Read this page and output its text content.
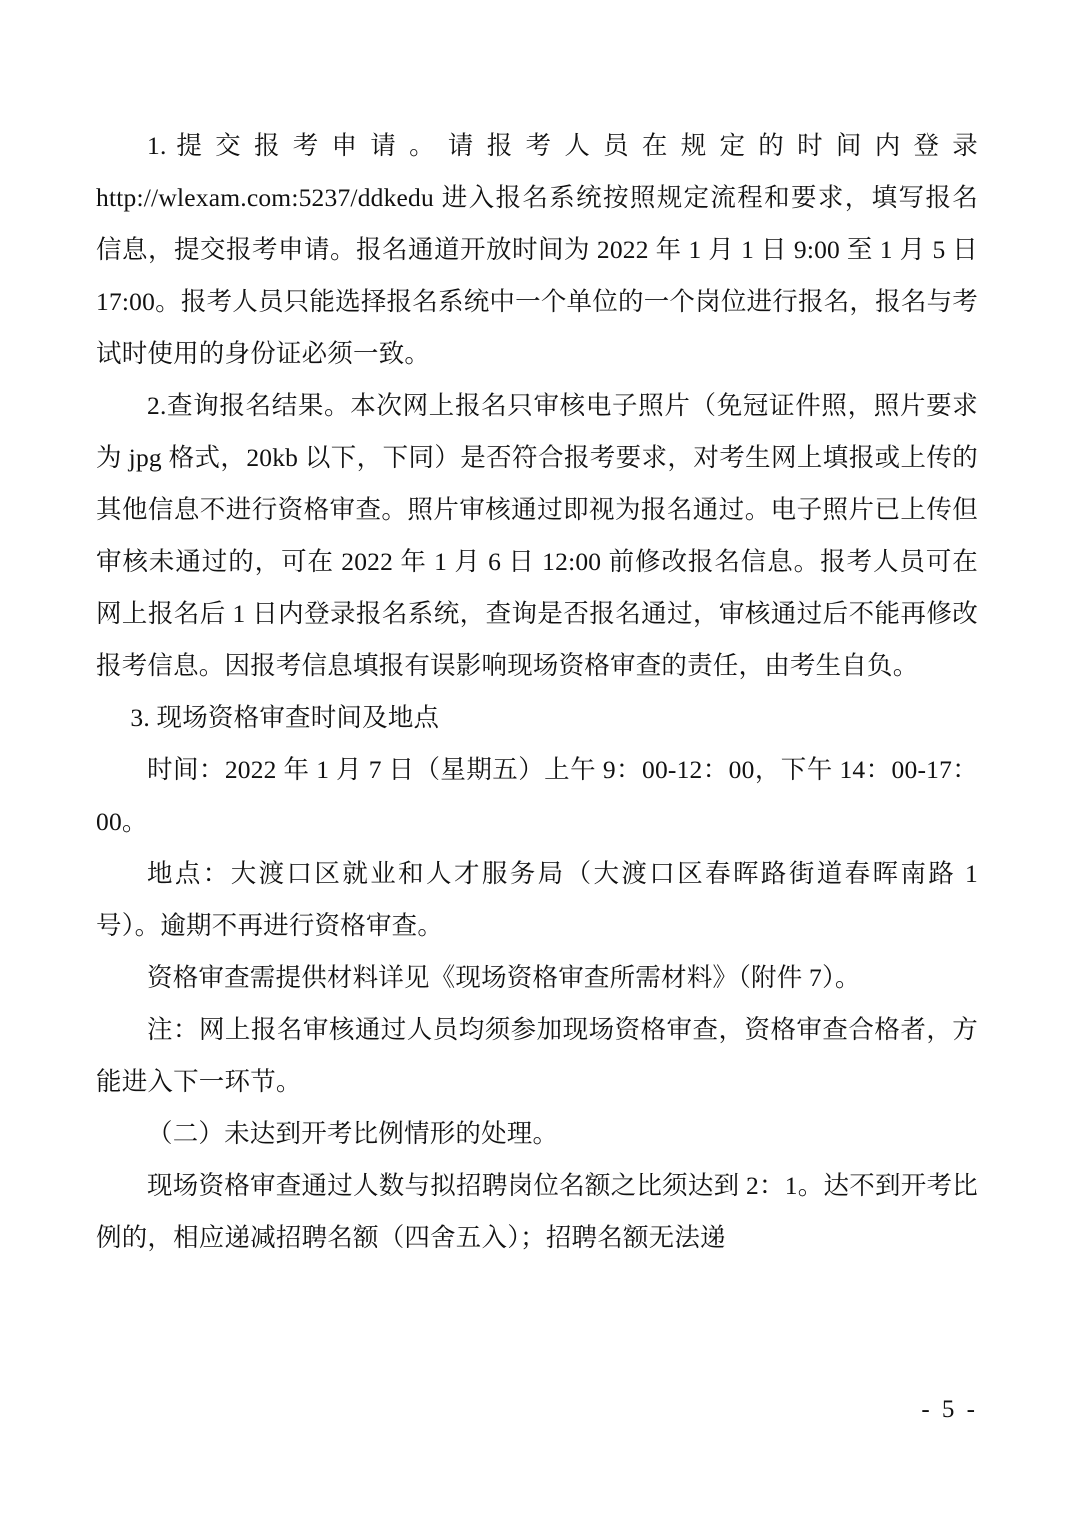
1. 提 交 报 考 申 请 。 请 报 考 人 员 在 规 定 的 时 间 内 登 录 http://wlexam.com:5237/ddkedu 进入报名系统按照规定流程和要求，填写报名信息，提交报考申请。报名通道开放时间为 2022 年 1 月 1 日 9:00 至 1 月 5 日 17:00。报考人员只能选择报名系统中一个单位的一个岗位进行报名，报名与考试时使用的身份证必须一致。

2.查询报名结果。本次网上报名只审核电子照片（免冠证件照，照片要求为 jpg 格式，20kb 以下，下同）是否符合报考要求，对考生网上填报或上传的其他信息不进行资格审查。照片审核通过即视为报名通过。电子照片已上传但审核未通过的，可在 2022 年 1 月 6 日 12:00 前修改报名信息。报考人员可在网上报名后 1 日内登录报名系统，查询是否报名通过，审核通过后不能再修改报考信息。因报考信息填报有误影响现场资格审查的责任，由考生自负。

3. 现场资格审查时间及地点

时间：2022 年 1 月 7 日（星期五）上午 9：00-12：00，下午 14：00-17：00。

地点：大渡口区就业和人才服务局（大渡口区春晖路街道春晖南路 1 号）。逾期不再进行资格审查。

资格审查需提供材料详见《现场资格审查所需材料》（附件 7）。

注：网上报名审核通过人员均须参加现场资格审查，资格审查合格者，方能进入下一环节。

（二）未达到开考比例情形的处理。

现场资格审查通过人数与拟招聘岗位名额之比须达到 2：1。达不到开考比例的，相应递减招聘名额（四舍五入）；招聘名额无法递

- 5 -
